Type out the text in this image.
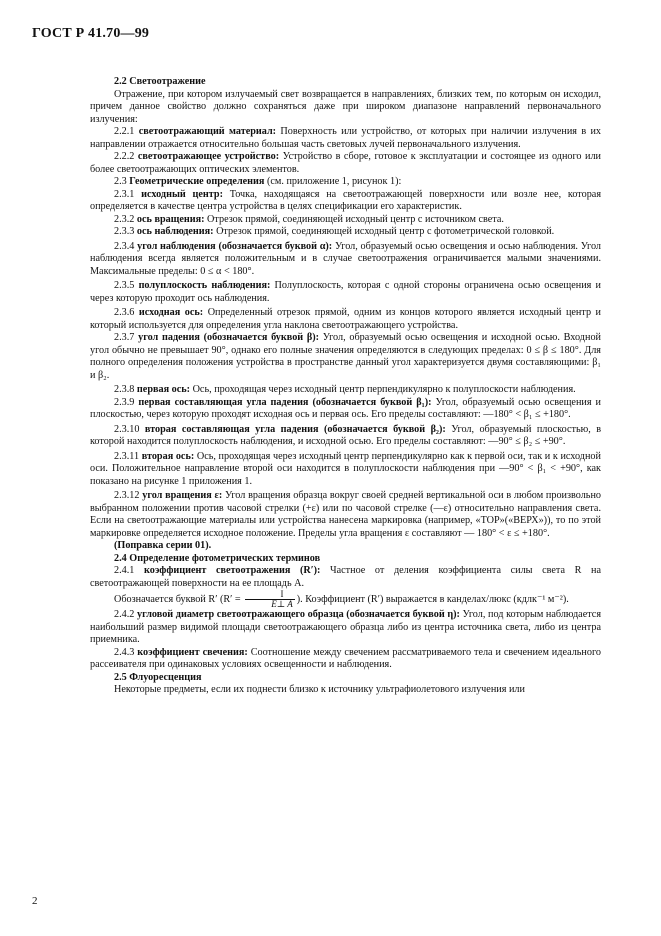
ГОСТ Р 41.70—99

2.2 Светоотражение

Отражение, при котором излучаемый свет возвращается в направлениях, близких тем, по которым он исходил, причем данное свойство должно сохраняться даже при широком диапазоне направлений первоначального излучения:

2.2.1 светоотражающий материал: Поверхность или устройство, от которых при наличии излучения в их направлении отражается относительно большая часть световых лучей первоначального излучения.

2.2.2 светоотражающее устройство: Устройство в сборе, готовое к эксплуатации и состоящее из одного или более светоотражающих оптических элементов.

2.3 Геометрические определения (см. приложение 1, рисунок 1):

2.3.1 исходный центр: Точка, находящаяся на светоотражающей поверхности или возле нее, которая определяется в качестве центра устройства в целях спецификации его характеристик.

2.3.2 ось вращения: Отрезок прямой, соединяющей исходный центр с источником света.

2.3.3 ось наблюдения: Отрезок прямой, соединяющей исходный центр с фотометрической головкой.

2.3.4 угол наблюдения (обозначается буквой α): Угол, образуемый осью освещения и осью наблюдения. Угол наблюдения всегда является положительным и в случае светоотражения ограничивается малыми значениями. Максимальные пределы: 0 ≤ α < 180°.

2.3.5 полуплоскость наблюдения: Полуплоскость, которая с одной стороны ограничена осью освещения и через которую проходит ось наблюдения.

2.3.6 исходная ось: Определенный отрезок прямой, одним из концов которого является исходный центр и который используется для определения угла наклона светоотражающего устройства.

2.3.7 угол падения (обозначается буквой β): Угол, образуемый осью освещения и исходной осью. Входной угол обычно не превышает 90°, однако его полные значения определяются в следующих пределах: 0 ≤ β ≤ 180°. Для полного определения положения устройства в пространстве данный угол характеризуется двумя составляющими: β₁ и β₂.

2.3.8 первая ось: Ось, проходящая через исходный центр перпендикулярно к полуплоскости наблюдения.

2.3.9 первая составляющая угла падения (обозначается буквой β₁): Угол, образуемый осью освещения и плоскостью, через которую проходят исходная ось и первая ось. Его пределы составляют: —180° < β₁ ≤ +180°.

2.3.10 вторая составляющая угла падения (обозначается буквой β₂): Угол, образуемый плоскостью, в которой находится полуплоскость наблюдения, и исходной осью. Его пределы составляют: —90° ≤ β₂ ≤ +90°.

2.3.11 вторая ось: Ось, проходящая через исходный центр перпендикулярно как к первой оси, так и к исходной оси. Положительное направление второй оси находится в полуплоскости наблюдения при —90° < β₁ < +90°, как показано на рисунке 1 приложения 1.

2.3.12 угол вращения ε: Угол вращения образца вокруг своей средней вертикальной оси в любом произвольно выбранном положении против часовой стрелки (+ε) или по часовой стрелке (—ε) относительно направления света. Если на светоотражающие материалы или устройства нанесена маркировка (например, «TOP»(«ВЕРХ»)), то по этой маркировке определяется исходное положение. Пределы угла вращения ε составляют — 180° < ε ≤ +180°.

(Поправка серии 01).

2.4 Определение фотометрических терминов

2.4.1 коэффициент светоотражения (R′): Частное от деления коэффициента силы света R на светоотражающей поверхности на ее площадь A.

Обозначается буквой R′ ($R' = \frac{I}{E\perp A}$ ). Коэффициент (R′) выражается в канделах/люкс (кдлк⁻¹ м⁻²).

2.4.2 угловой диаметр светоотражающего образца (обозначается буквой η): Угол, под которым наблюдается наибольший размер видимой площади светоотражающего образца либо из центра источника света, либо из центра приемника.

2.4.3 коэффициент свечения: Соотношение между свечением рассматриваемого тела и свечением идеального рассеивателя при одинаковых условиях освещенности и наблюдения.

2.5 Флуоресценция

Некоторые предметы, если их поднести близко к источнику ультрафиолетового излучения или

2
